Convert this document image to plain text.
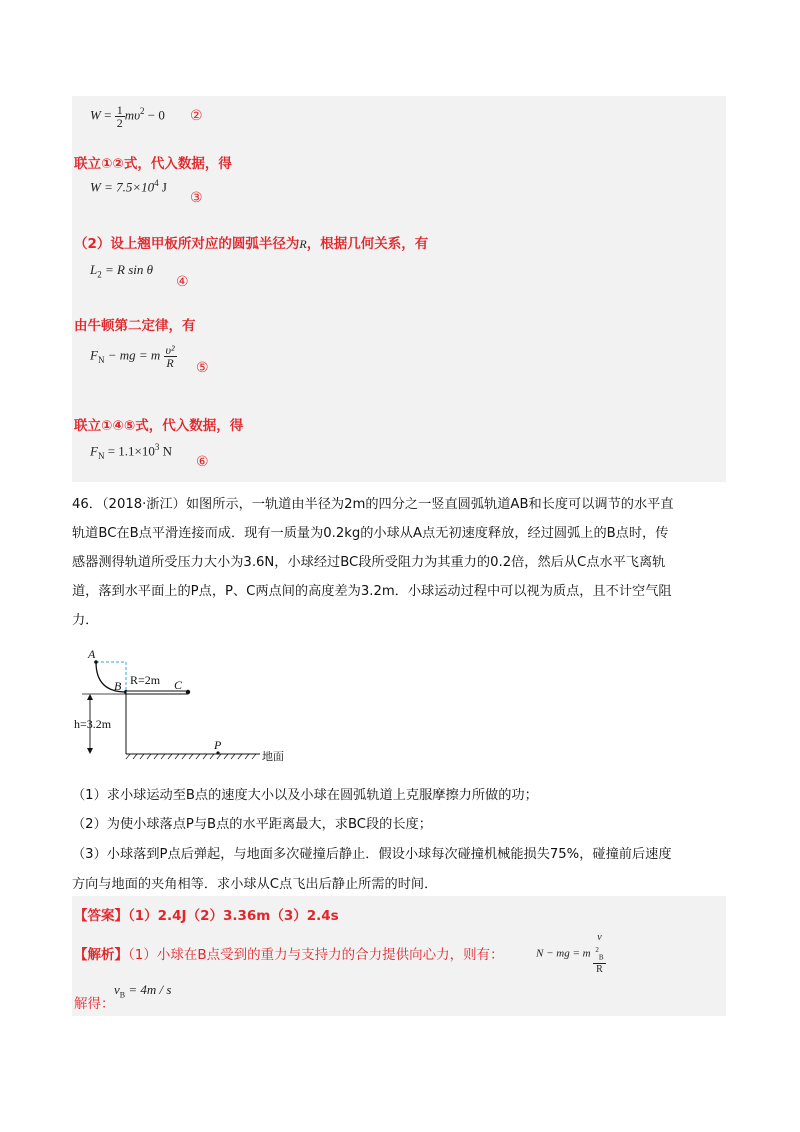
$W = \frac{1}{2} m\upsilon^2 - 0$ ②
联立①②式，代入数据，得
$W = 7.5\times 10^4$ J
③
（2）设上翘甲板所对应的圆弧半径为R，根据几何关系，有
$L_2 = R$ sin θ
④
由牛顿第二定律，有
$F_N$ − mg = m $\frac{\text{υ²}}{R}$ ⑤
联立①④⑤式，代入数据，得
$F_N = 1.1\times 10^3$ N
⑥
46．（2018·浙江）如图所示，一轨道由半径为2m的四分之一竖直圆弧轨道AB和长度可以调节的水平直
轨道BC在B点平滑连接而成．现有一质量为0.2kg的小球从A点无初速度释放，经过圆弧上的B点时，传
感器测得轨道所受压力大小为3.6N，小球经过BC段所受阻力为其重力的0.2倍，然后从C点水平飞离轨
道，落到水平面上的P点，P、C两点间的高度差为3.2m．小球运动过程中可以视为质点，且不计空气阻
力．
A
B	C
R=2m
h=3.2m
P
地面
（1）求小球运动至B点的速度大小以及小球在圆弧轨道上克服摩擦力所做的功；
（2）为使小球落点P与B点的水平距离最大，求BC段的长度；
（3）小球落到P点后弹起，与地面多次碰撞后静止．假设小球每次碰撞机械能损失75%，碰撞前后速度
方向与地面的夹角相等．求小球从C点飞出后静止所需的时间．
【答案】（1）2.4J（2）3.36m（3）2.4s
【解析】（1）小球在B点受到的重力与支持力的合力提供向心力，则有：	N − mg = m v
$^2_B$
R
$v_B = 4m / s$
解得：
